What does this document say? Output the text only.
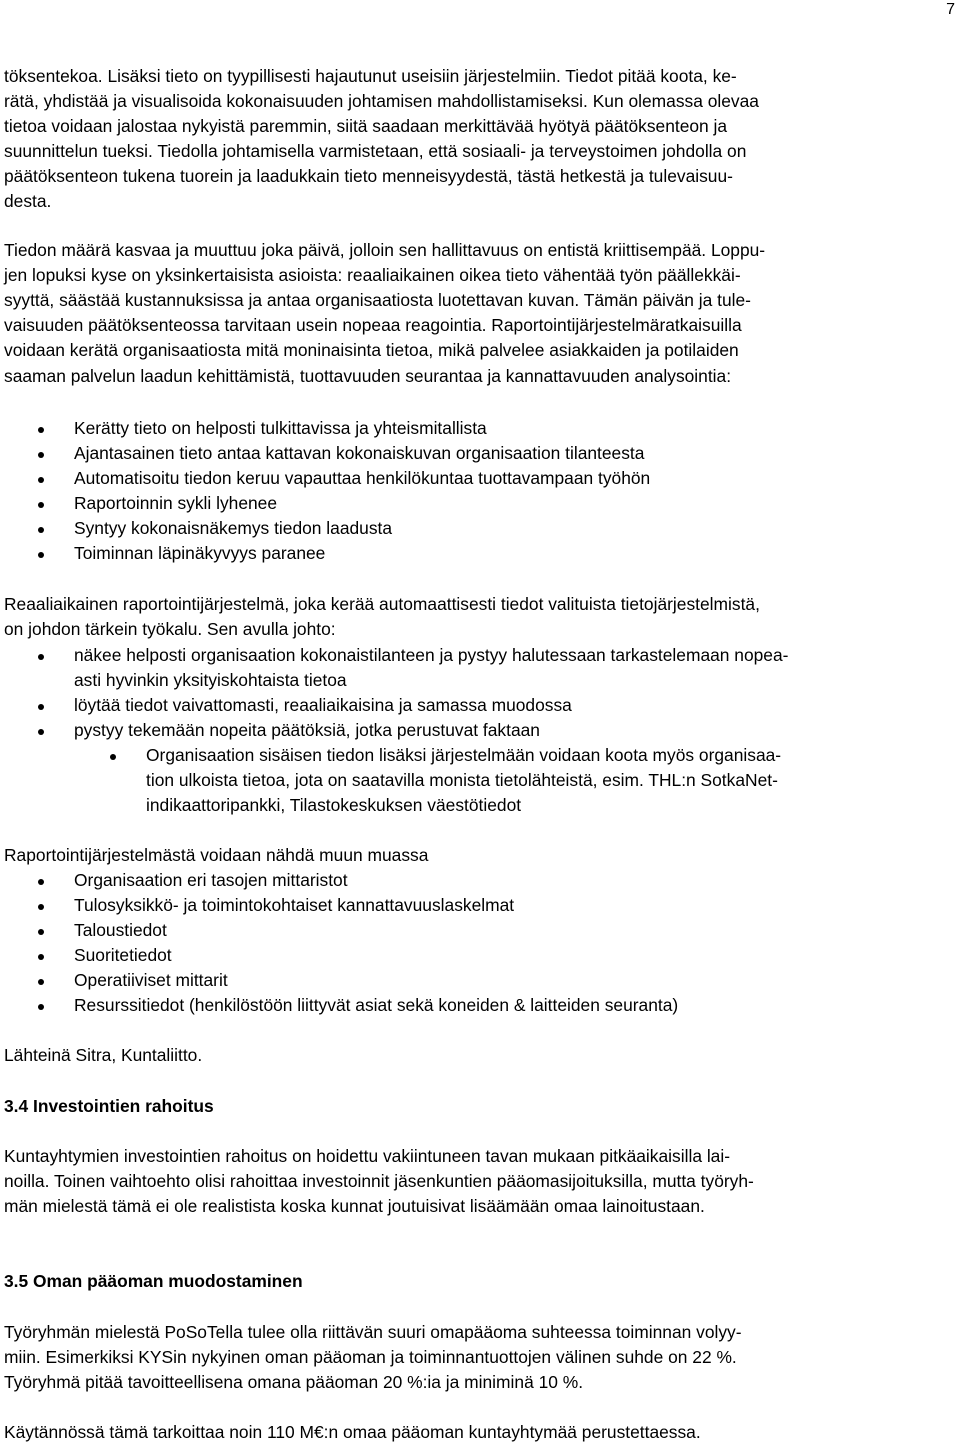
7
töksentekoa. Lisäksi tieto on tyypillisesti hajautunut useisiin järjestelmiin. Tiedot pitää koota, ke-
rätä, yhdistää ja visualisoida kokonaisuuden johtamisen mahdollistamiseksi. Kun olemassa olevaa
tietoa voidaan jalostaa nykyistä paremmin, siitä saadaan merkittävää hyötyä päätöksenteon ja
suunnittelun tueksi. Tiedolla johtamisella varmistetaan, että sosiaali- ja terveystoimen johdolla on
päätöksenteon tukena tuorein ja laadukkain tieto menneisyydestä, tästä hetkestä ja tulevaisuu-
desta.
Tiedon määrä kasvaa ja muuttuu joka päivä, jolloin sen hallittavuus on entistä kriittisempää. Loppu-
jen lopuksi kyse on yksinkertaisista asioista: reaaliaikainen oikea tieto vähentää työn päällekkäi-
syyttä, säästää kustannuksissa ja antaa organisaatiosta luotettavan kuvan. Tämän päivän ja tule-
vaisuuden päätöksenteossa tarvitaan usein nopeaa reagointia. Raportointijärjestelmäratkaisuilla
voidaan kerätä organisaatiosta mitä moninaisinta tietoa, mikä palvelee asiakkaiden ja potilaiden
saaman palvelun laadun kehittämistä, tuottavuuden seurantaa ja kannattavuuden analysointia:
Kerätty tieto on helposti tulkittavissa ja yhteismitallista
Ajantasainen tieto antaa kattavan kokonaiskuvan organisaation tilanteesta
Automatisoitu tiedon keruu vapauttaa henkilökuntaa tuottavampaan työhön
Raportoinnin sykli lyhenee
Syntyy kokonaisnäkemys tiedon laadusta
Toiminnan läpinäkyvyys paranee
Reaaliaikainen raportointijärjestelmä, joka kerää automaattisesti tiedot valituista tietojärjestelmistä,
on johdon tärkein työkalu. Sen avulla johto:
näkee helposti organisaation kokonaistilanteen ja pystyy halutessaan tarkastelemaan nopea-
asti hyvinkin yksityiskohtaista tietoa
löytää tiedot vaivattomasti, reaaliaikaisina ja samassa muodossa
pystyy tekemään nopeita päätöksiä, jotka perustuvat faktaan
Organisaation sisäisen tiedon lisäksi järjestelmään voidaan koota myös organisaa-
tion ulkoista tietoa, jota on saatavilla monista tietolähteistä, esim. THL:n SotkaNet-
indikaattoripankki, Tilastokeskuksen väestötiedot
Raportointijärjestelmästä voidaan nähdä muun muassa
Organisaation eri tasojen mittaristot
Tulosyksikkö- ja toimintokohtaiset kannattavuuslaskelmat
Taloustiedot
Suoritetiedot
Operatiiviset mittarit
Resurssitiedot (henkilöstöön liittyvät asiat sekä koneiden & laitteiden seuranta)
Lähteinä Sitra, Kuntaliitto.
3.4 Investointien rahoitus
Kuntayhtymien investointien rahoitus on hoidettu vakiintuneen tavan mukaan pitkäaikaisilla lai-
noilla. Toinen vaihtoehto olisi rahoittaa investoinnit jäsenkuntien pääomasijoituksilla, mutta työryh-
män mielestä tämä ei ole realistista koska kunnat joutuisivat lisäämään omaa lainoitustaan.
3.5 Oman pääoman muodostaminen
Työryhmän mielestä PoSoTella tulee olla riittävän suuri omapääoma suhteessa toiminnan volyy-
miin. Esimerkiksi KYSin nykyinen oman pääoman ja toiminnantuottojen välinen suhde on 22 %.
Työryhmä pitää tavoitteellisena omana pääoman 20 %:ia ja miniminä 10 %.
Käytännössä tämä tarkoittaa noin 110 M€:n omaa pääoman kuntayhtymää perustettaessa.
